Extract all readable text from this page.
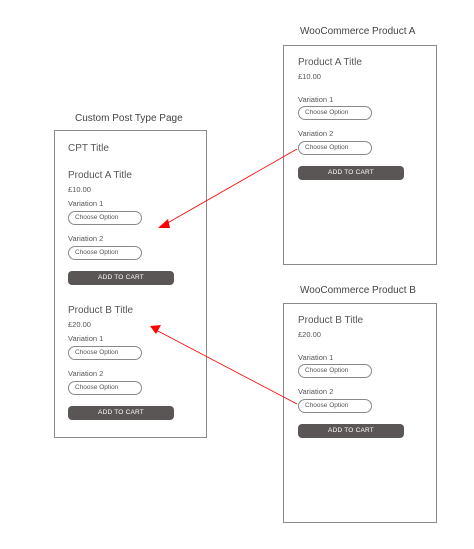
Custom Post Type Page
WooCommerce Product A
WooCommerce Product B
CPT Title
Product A Title
£10.00
Variation 1
Choose Option
Variation 2
Choose Option
ADD TO CART
Product B Title
£20.00
Variation 1
Choose Option
Variation 2
Choose Option
ADD TO CART
Product A Title
£10.00
Variation 1
Choose Option
Variation 2
Choose Option
ADD TO CART
Product B Title
£20.00
Variation 1
Choose Option
Variation 2
Choose Option
ADD TO CART
